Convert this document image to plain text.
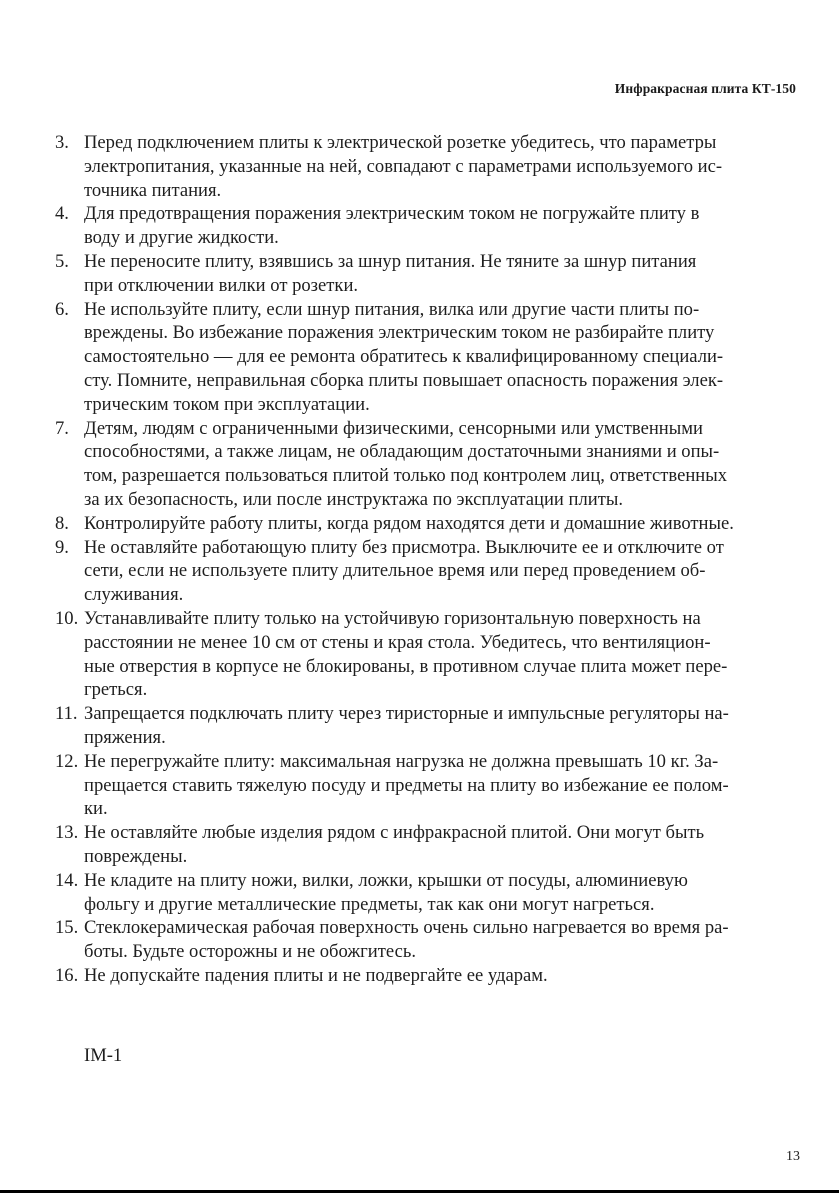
Инфракрасная плита КТ-150
3. Перед подключением плиты к электрической розетке убедитесь, что параметры
электропитания, указанные на ней, совпадают с параметрами используемого ис-
точника питания.
4. Для предотвращения поражения электрическим током не погружайте плиту в
воду и другие жидкости.
5. Не переносите плиту, взявшись за шнур питания. Не тяните за шнур питания
при отключении вилки от розетки.
6. Не используйте плиту, если шнур питания, вилка или другие части плиты по-
вреждены. Во избежание поражения электрическим током не разбирайте плиту
самостоятельно — для ее ремонта обратитесь к квалифицированному специали-
сту. Помните, неправильная сборка плиты повышает опасность поражения элек-
трическим током при эксплуатации.
7. Детям, людям с ограниченными физическими, сенсорными или умственными
способностями, а также лицам, не обладающим достаточными знаниями и опы-
том, разрешается пользоваться плитой только под контролем лиц, ответственных
за их безопасность, или после инструктажа по эксплуатации плиты.
8. Контролируйте работу плиты, когда рядом находятся дети и домашние животные.
9. Не оставляйте работающую плиту без присмотра. Выключите ее и отключите от
сети, если не используете плиту длительное время или перед проведением об-
служивания.
10. Устанавливайте плиту только на устойчивую горизонтальную поверхность на
расстоянии не менее 10 см от стены и края стола. Убедитесь, что вентиляцион-
ные отверстия в корпусе не блокированы, в противном случае плита может пере-
греться.
11. Запрещается подключать плиту через тиристорные и импульсные регуляторы на-
пряжения.
12. Не перегружайте плиту: максимальная нагрузка не должна превышать 10 кг. За-
прещается ставить тяжелую посуду и предметы на плиту во избежание ее полом-
ки.
13. Не оставляйте любые изделия рядом с инфракрасной плитой. Они могут быть
повреждены.
14. Не кладите на плиту ножи, вилки, ложки, крышки от посуды, алюминиевую
фольгу и другие металлические предметы, так как они могут нагреться.
15. Стеклокерамическая рабочая поверхность очень сильно нагревается во время ра-
боты. Будьте осторожны и не обожгитесь.
16. Не допускайте падения плиты и не подвергайте ее ударам.
IM-1
13
